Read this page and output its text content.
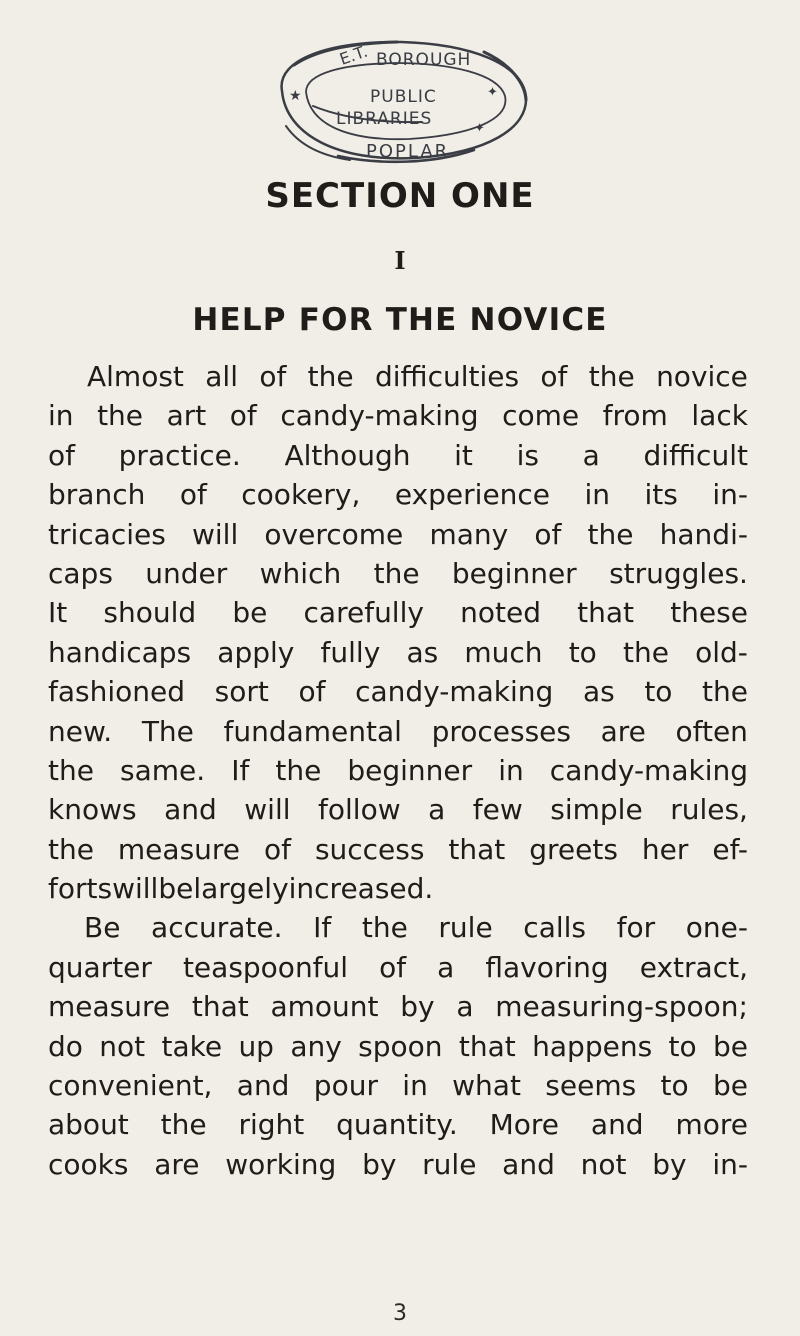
E.T. BOROUGH
PUBLIC
LIBRARIES
POPLAR
★	✦
✦
SECTION ONE
I
HELP FOR THE NOVICE
Almost all of the difficulties of the novice
in the art of candy-making come from lack
of practice. Although it is a difficult
branch of cookery, experience in its in-
tricacies will overcome many of the handi-
caps under which the beginner struggles.
It should be carefully noted that these
handicaps apply fully as much to the old-
fashioned sort of candy-making as to the
new. The fundamental processes are often
the same. If the beginner in candy-making
knows and will follow a few simple rules,
the measure of success that greets her ef-
forts will be largely increased.
Be accurate. If the rule calls for one-
quarter teaspoonful of a flavoring extract,
measure that amount by a measuring-spoon;
do not take up any spoon that happens to be
convenient, and pour in what seems to be
about the right quantity. More and more
cooks are working by rule and not by in-
3
